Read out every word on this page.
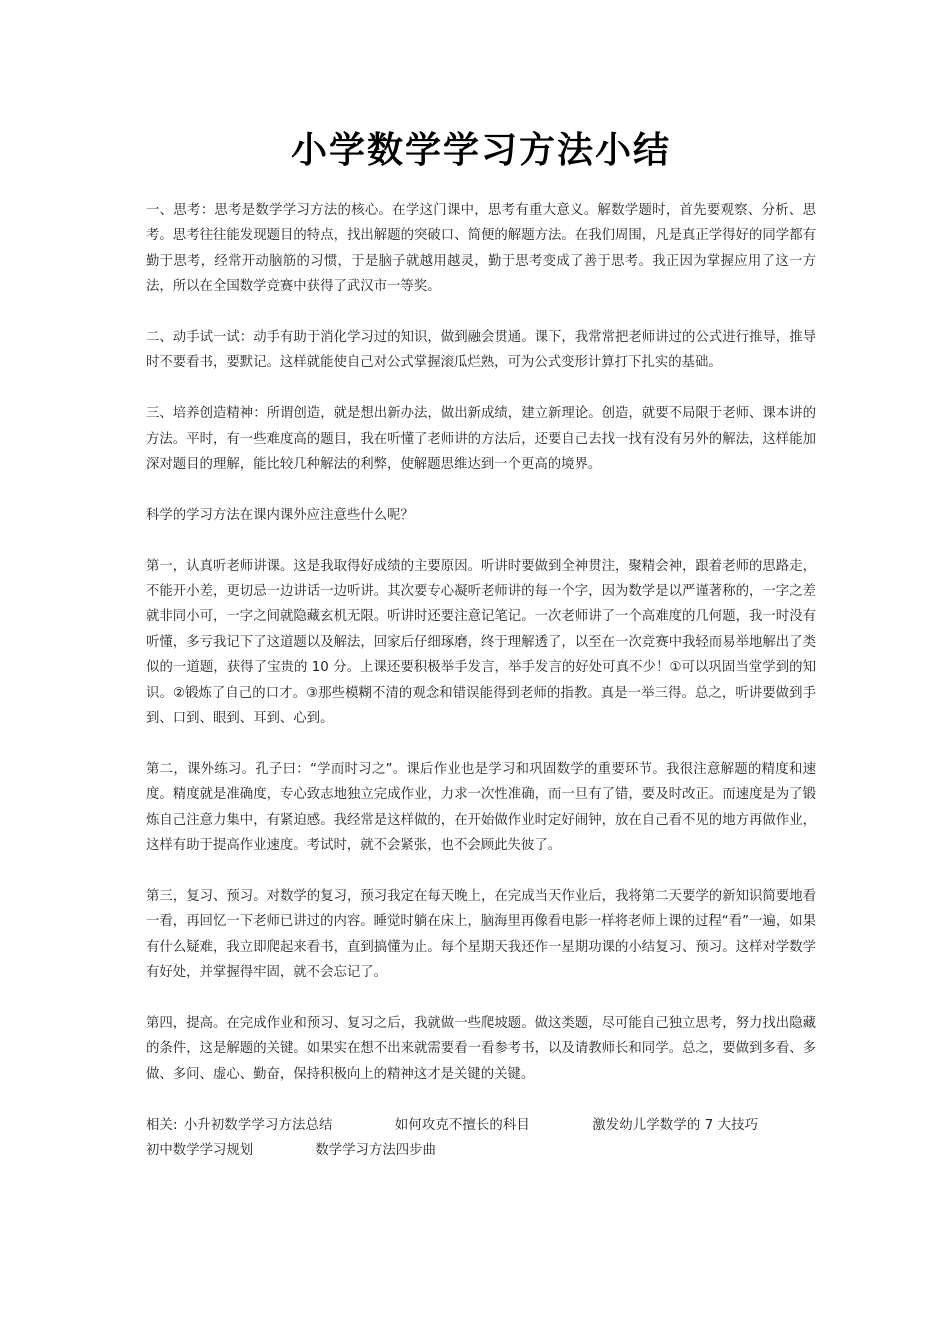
小学数学学习方法小结

一、思考：思考是数学学习方法的核心。在学这门课中，思考有重大意义。解数学题时，首先要观察、分析、思考。思考往往能发现题目的特点，找出解题的突破口、简便的解题方法。在我们周围，凡是真正学得好的同学都有勤于思考，经常开动脑筋的习惯，于是脑子就越用越灵，勤于思考变成了善于思考。我正因为掌握应用了这一方法，所以在全国数学竞赛中获得了武汉市一等奖。

二、动手试一试：动手有助于消化学习过的知识，做到融会贯通。课下，我常常把老师讲过的公式进行推导，推导时不要看书，要默记。这样就能使自己对公式掌握滚瓜烂熟，可为公式变形计算打下扎实的基础。

三、培养创造精神：所谓创造，就是想出新办法，做出新成绩，建立新理论。创造，就要不局限于老师、课本讲的方法。平时，有一些难度高的题目，我在听懂了老师讲的方法后，还要自己去找一找有没有另外的解法，这样能加深对题目的理解，能比较几种解法的利弊，使解题思维达到一个更高的境界。

科学的学习方法在课内课外应注意些什么呢？

第一，认真听老师讲课。这是我取得好成绩的主要原因。听讲时要做到全神贯注，聚精会神，跟着老师的思路走，不能开小差，更切忌一边讲话一边听讲。其次要专心凝听老师讲的每一个字，因为数学是以严谨著称的，一字之差就非同小可，一字之间就隐藏玄机无限。听讲时还要注意记笔记。一次老师讲了一个高难度的几何题，我一时没有听懂，多亏我记下了这道题以及解法，回家后仔细琢磨，终于理解透了，以至在一次竞赛中我轻而易举地解出了类似的一道题，获得了宝贵的 10 分。上课还要积极举手发言，举手发言的好处可真不少！①可以巩固当堂学到的知识。②锻炼了自己的口才。③那些模糊不清的观念和错误能得到老师的指教。真是一举三得。总之，听讲要做到手到、口到、眼到、耳到、心到。

第二，课外练习。孔子曰：“学而时习之”。课后作业也是学习和巩固数学的重要环节。我很注意解题的精度和速度。精度就是准确度，专心致志地独立完成作业，力求一次性准确，而一旦有了错，要及时改正。而速度是为了锻炼自己注意力集中，有紧迫感。我经常是这样做的，在开始做作业时定好闹钟，放在自己看不见的地方再做作业，这样有助于提高作业速度。考试时，就不会紧张，也不会顾此失彼了。

第三，复习、预习。对数学的复习，预习我定在每天晚上，在完成当天作业后，我将第二天要学的新知识简要地看一看，再回忆一下老师已讲过的内容。睡觉时躺在床上，脑海里再像看电影一样将老师上课的过程“看”一遍，如果有什么疑难，我立即爬起来看书，直到搞懂为止。每个星期天我还作一星期功课的小结复习、预习。这样对学数学有好处，并掌握得牢固，就不会忘记了。

第四，提高。在完成作业和预习、复习之后，我就做一些爬坡题。做这类题，尽可能自己独立思考，努力找出隐藏的条件，这是解题的关键。如果实在想不出来就需要看一看参考书，以及请教师长和同学。总之，要做到多看、多做、多问、虚心、勤奋，保持积极向上的精神这才是关键的关键。

相关: 小升初数学学习方法总结	如何攻克不擅长的科目	激发幼儿学数学的 7 大技巧 初中数学学习规划	数学学习方法四步曲
